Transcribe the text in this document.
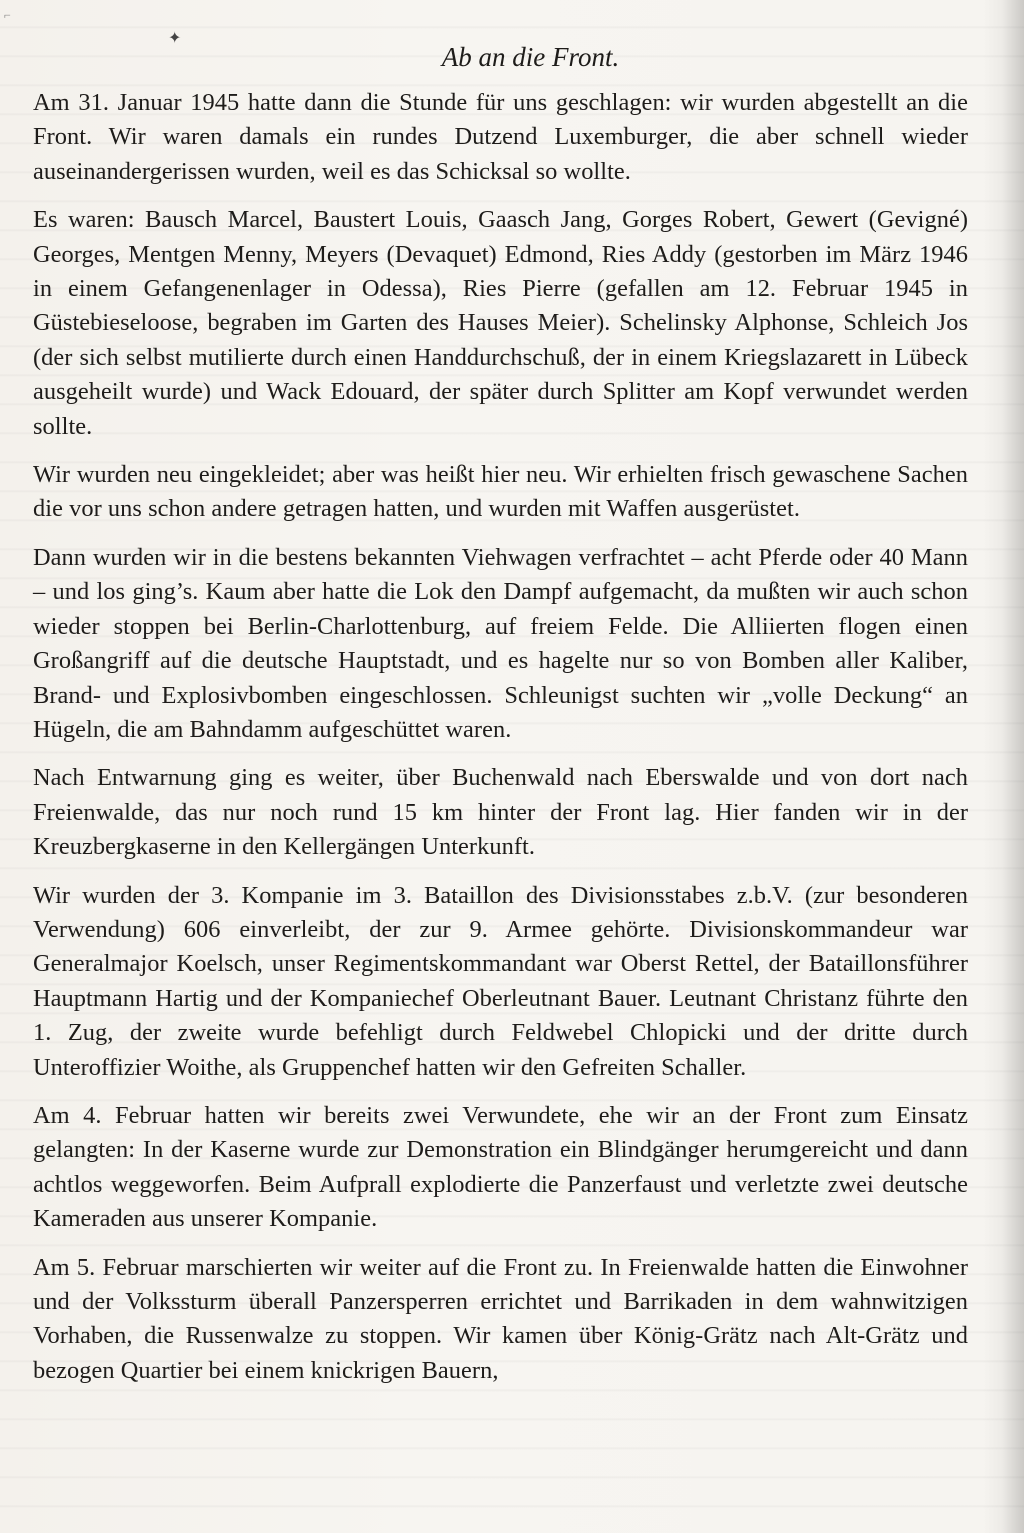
✦
⌐
Ab an die Front.

Am 31. Januar 1945 hatte dann die Stunde für uns geschlagen: wir wurden abgestellt an die Front. Wir waren damals ein rundes Dutzend Luxemburger, die aber schnell wieder auseinandergerissen wurden, weil es das Schicksal so wollte.

Es waren: Bausch Marcel, Baustert Louis, Gaasch Jang, Gorges Robert, Gewert (Gevigné) Georges, Mentgen Menny, Meyers (Devaquet) Edmond, Ries Addy (gestorben im März 1946 in einem Gefangenenlager in Odessa), Ries Pierre (gefallen am 12. Februar 1945 in Güstebieseloose, begraben im Garten des Hauses Meier). Schelinsky Alphonse, Schleich Jos (der sich selbst mutilierte durch einen Handdurchschuß, der in einem Kriegslazarett in Lübeck ausgeheilt wurde) und Wack Edouard, der später durch Splitter am Kopf verwundet werden sollte.

Wir wurden neu eingekleidet; aber was heißt hier neu. Wir erhielten frisch gewaschene Sachen die vor uns schon andere getragen hatten, und wurden mit Waffen ausgerüstet.

Dann wurden wir in die bestens bekannten Viehwagen verfrachtet – acht Pferde oder 40 Mann – und los ging’s. Kaum aber hatte die Lok den Dampf aufgemacht, da mußten wir auch schon wieder stoppen bei Berlin-Charlottenburg, auf freiem Felde. Die Alliierten flogen einen Großangriff auf die deutsche Hauptstadt, und es hagelte nur so von Bomben aller Kaliber, Brand- und Explosivbomben eingeschlossen. Schleunigst suchten wir „volle Deckung“ an Hügeln, die am Bahndamm aufgeschüttet waren.

Nach Entwarnung ging es weiter, über Buchenwald nach Eberswalde und von dort nach Freienwalde, das nur noch rund 15 km hinter der Front lag. Hier fanden wir in der Kreuzbergkaserne in den Kellergängen Unterkunft.

Wir wurden der 3. Kompanie im 3. Bataillon des Divisionsstabes z.b.V. (zur besonderen Verwendung) 606 einverleibt, der zur 9. Armee gehörte. Divisionskommandeur war Generalmajor Koelsch, unser Regimentskommandant war Oberst Rettel, der Bataillonsführer Hauptmann Hartig und der Kompaniechef Oberleutnant Bauer. Leutnant Christanz führte den 1. Zug, der zweite wurde befehligt durch Feldwebel Chlopicki und der dritte durch Unteroffizier Woithe, als Gruppenchef hatten wir den Gefreiten Schaller.

Am 4. Februar hatten wir bereits zwei Verwundete, ehe wir an der Front zum Einsatz gelangten: In der Kaserne wurde zur Demonstration ein Blindgänger herumgereicht und dann achtlos weggeworfen. Beim Aufprall explodierte die Panzerfaust und verletzte zwei deutsche Kameraden aus unserer Kompanie.

Am 5. Februar marschierten wir weiter auf die Front zu. In Freienwalde hatten die Einwohner und der Volkssturm überall Panzersperren errichtet und Barrikaden in dem wahnwitzigen Vorhaben, die Russenwalze zu stoppen. Wir kamen über König-Grätz nach Alt-Grätz und bezogen Quartier bei einem knickrigen Bauern,
